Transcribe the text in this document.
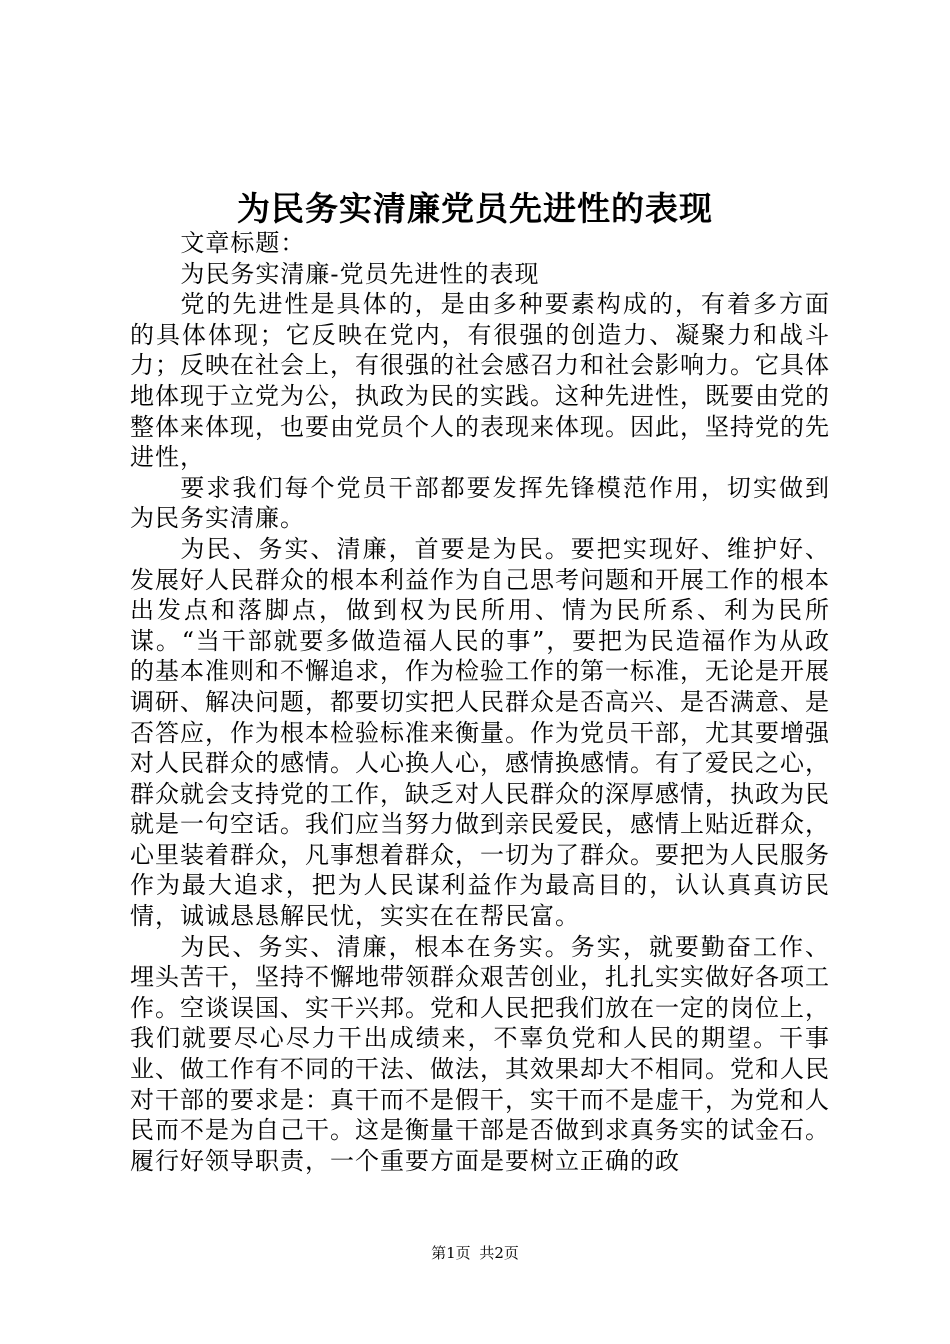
为民务实清廉党员先进性的表现

文章标题：

为民务实清廉-党员先进性的表现

党的先进性是具体的，是由多种要素构成的，有着多方面的具体体现；它反映在党内，有很强的创造力、凝聚力和战斗力；反映在社会上，有很强的社会感召力和社会影响力。它具体地体现于立党为公，执政为民的实践。这种先进性，既要由党的整体来体现，也要由党员个人的表现来体现。因此，坚持党的先进性，

要求我们每个党员干部都要发挥先锋模范作用，切实做到为民务实清廉。

为民、务实、清廉，首要是为民。要把实现好、维护好、发展好人民群众的根本利益作为自己思考问题和开展工作的根本出发点和落脚点，做到权为民所用、情为民所系、利为民所谋。“当干部就要多做造福人民的事”，要把为民造福作为从政的基本准则和不懈追求，作为检验工作的第一标准，无论是开展调研、解决问题，都要切实把人民群众是否高兴、是否满意、是否答应，作为根本检验标准来衡量。作为党员干部，尤其要增强对人民群众的感情。人心换人心，感情换感情。有了爱民之心，群众就会支持党的工作，缺乏对人民群众的深厚感情，执政为民就是一句空话。我们应当努力做到亲民爱民，感情上贴近群众，心里装着群众，凡事想着群众，一切为了群众。要把为人民服务作为最大追求，把为人民谋利益作为最高目的，认认真真访民情，诚诚恳恳解民忧，实实在在帮民富。

为民、务实、清廉，根本在务实。务实，就要勤奋工作、埋头苦干，坚持不懈地带领群众艰苦创业，扎扎实实做好各项工作。空谈误国、实干兴邦。党和人民把我们放在一定的岗位上，我们就要尽心尽力干出成绩来，不辜负党和人民的期望。干事业、做工作有不同的干法、做法，其效果却大不相同。党和人民对干部的要求是：真干而不是假干，实干而不是虚干，为党和人民而不是为自己干。这是衡量干部是否做到求真务实的试金石。履行好领导职责，一个重要方面是要树立正确的政

第1页 共2页
